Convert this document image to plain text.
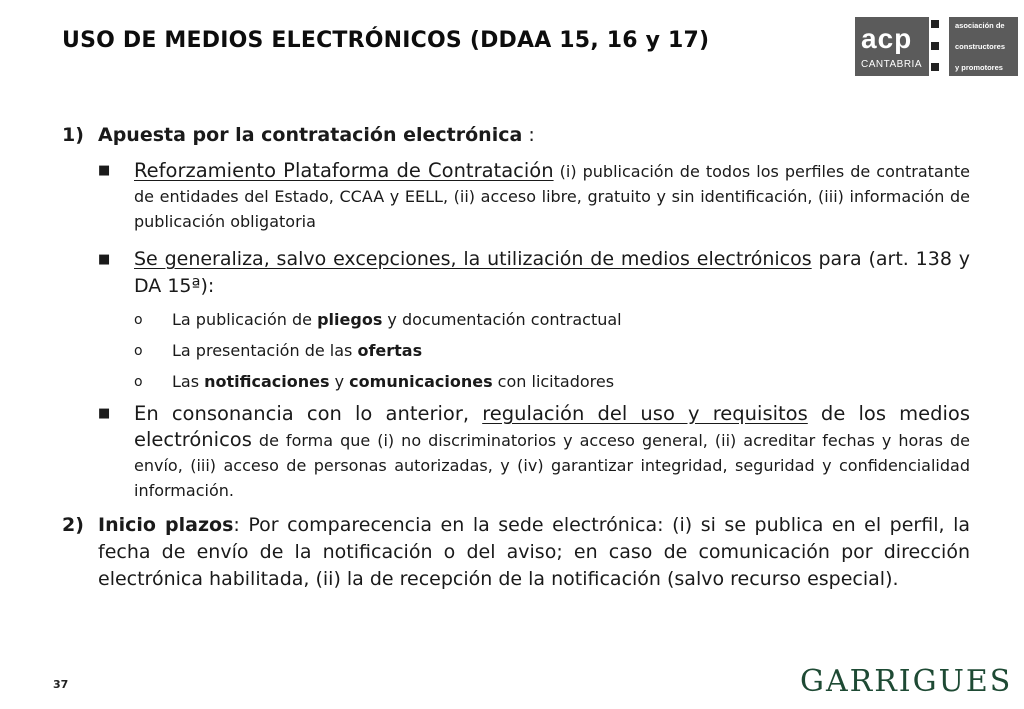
USO DE MEDIOS ELECTRÓNICOS (DDAA 15, 16 y 17)	acp
CANTABRIA
asociación de
constructores
y promotores
1) Apuesta por la contratación electrónica :
■ Reforzamiento Plataforma de Contratación (i) publicación de todos los perfiles de contratante de entidades del Estado, CCAA y EELL, (ii) acceso libre, gratuito y sin identificación, (iii) información de publicación obligatoria
■ Se generaliza, salvo excepciones, la utilización de medios electrónicos para (art. 138 y DA 15ª):
o La publicación de pliegos y documentación contractual
o La presentación de las ofertas
o Las notificaciones y comunicaciones con licitadores
■ En consonancia con lo anterior, regulación del uso y requisitos de los medios electrónicos de forma que (i) no discriminatorios y acceso general, (ii) acreditar fechas y horas de envío, (iii) acceso de personas autorizadas, y (iv) garantizar integridad, seguridad y confidencialidad información.
2) Inicio plazos: Por comparecencia en la sede electrónica: (i) si se publica en el perfil, la fecha de envío de la notificación o del aviso; en caso de comunicación por dirección electrónica habilitada, (ii) la de recepción de la notificación (salvo recurso especial).
37	GARRIGUES
